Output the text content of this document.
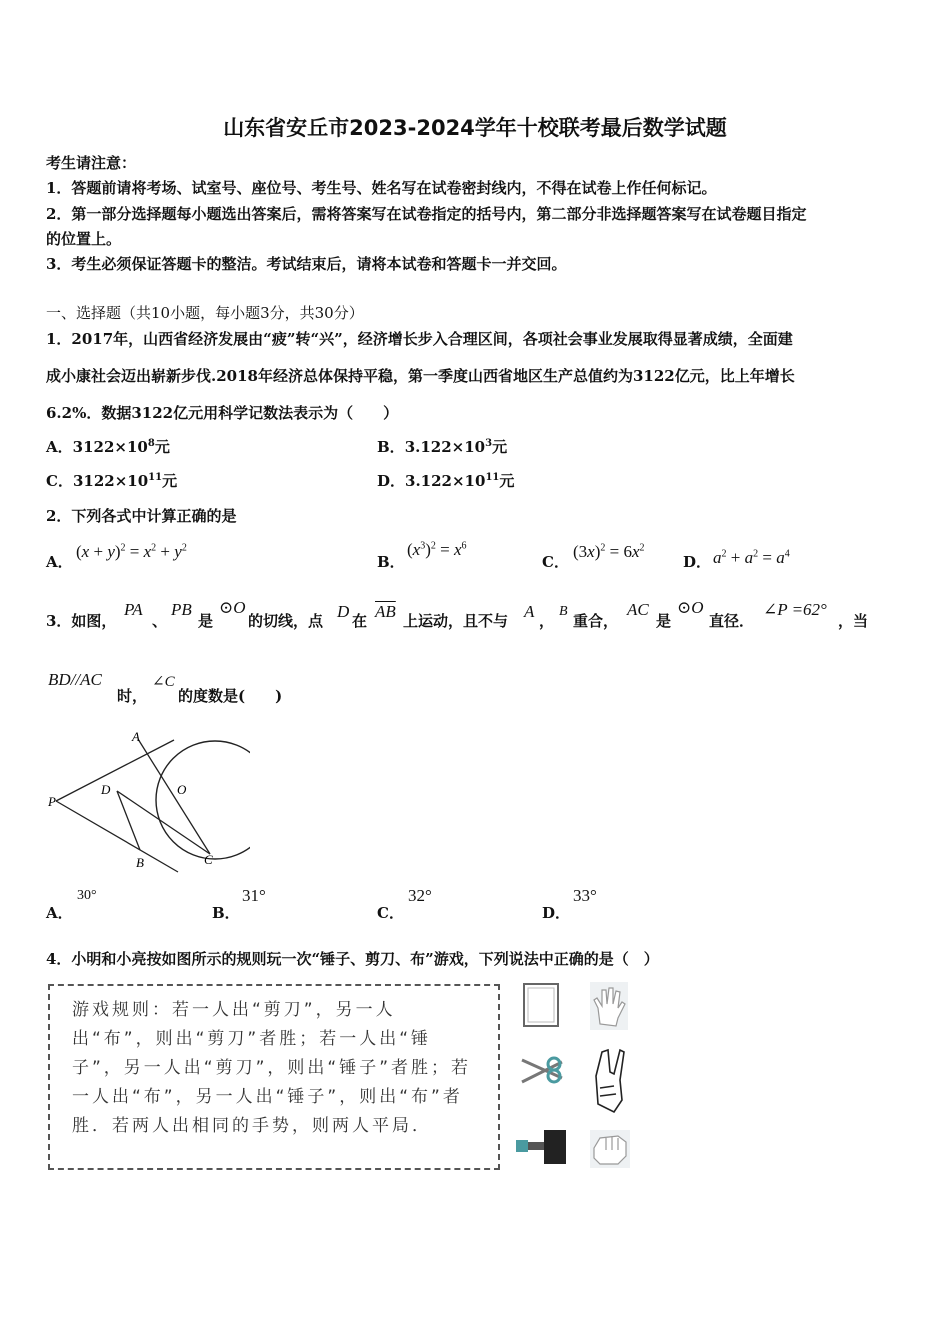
山东省安丘市2023-2024学年十校联考最后数学试题
考生请注意：
1．答题前请将考场、试室号、座位号、考生号、姓名写在试卷密封线内，不得在试卷上作任何标记。
2．第一部分选择题每小题选出答案后，需将答案写在试卷指定的括号内，第二部分非选择题答案写在试卷题目指定
的位置上。
3．考生必须保证答题卡的整洁。考试结束后，请将本试卷和答题卡一并交回。
一、选择题（共10小题，每小题3分，共30分）
1．2017年，山西省经济发展由“疲”转“兴”，经济增长步入合理区间，各项社会事业发展取得显著成绩，全面建
成小康社会迈出崭新步伐.2018年经济总体保持平稳，第一季度山西省地区生产总值约为3122亿元，比上年增长
6.2%．数据3122亿元用科学记数法表示为（　　）
A．$3122\times 10^8$元	B．$3.122\times 10^3$元
C．$3122\times 10^{11}$元	D．$3.122\times 10^{11}$元
2．下列各式中计算正确的是
A．
$(x + y)^2 = x^2 + y^2$
B．
$(x^3)^2 = x^6$
C．
$(3x)^2 = 6x^2$
D． $a^2 + a^2 = a^4$
3．如图，
PA
、
PB
是
⊙O
的切线，点 D 在 $\overline{AB}$ 上运动，且不与 A ，
B
重合，
AC
是
⊙O
直径．
∠P =62°
，当
BD//AC
时，
∠C
的度数是(　　)
A
O
P
D
B	C
A．
30°
B．
31°
C．
32°
D．
33°
4．小明和小亮按如图所示的规则玩一次“锤子、剪刀、布”游戏，下列说法中正确的是（　）
游戏规则：若一人出“剪刀”，另一人出“布”，则出“剪刀”者胜；若一人出“锤子”，另一人出“剪刀”，则出“锤子”者胜；若一人出“布”，另一人出“锤子”，则出“布”者胜．若两人出相同的手势，则两人平局．
